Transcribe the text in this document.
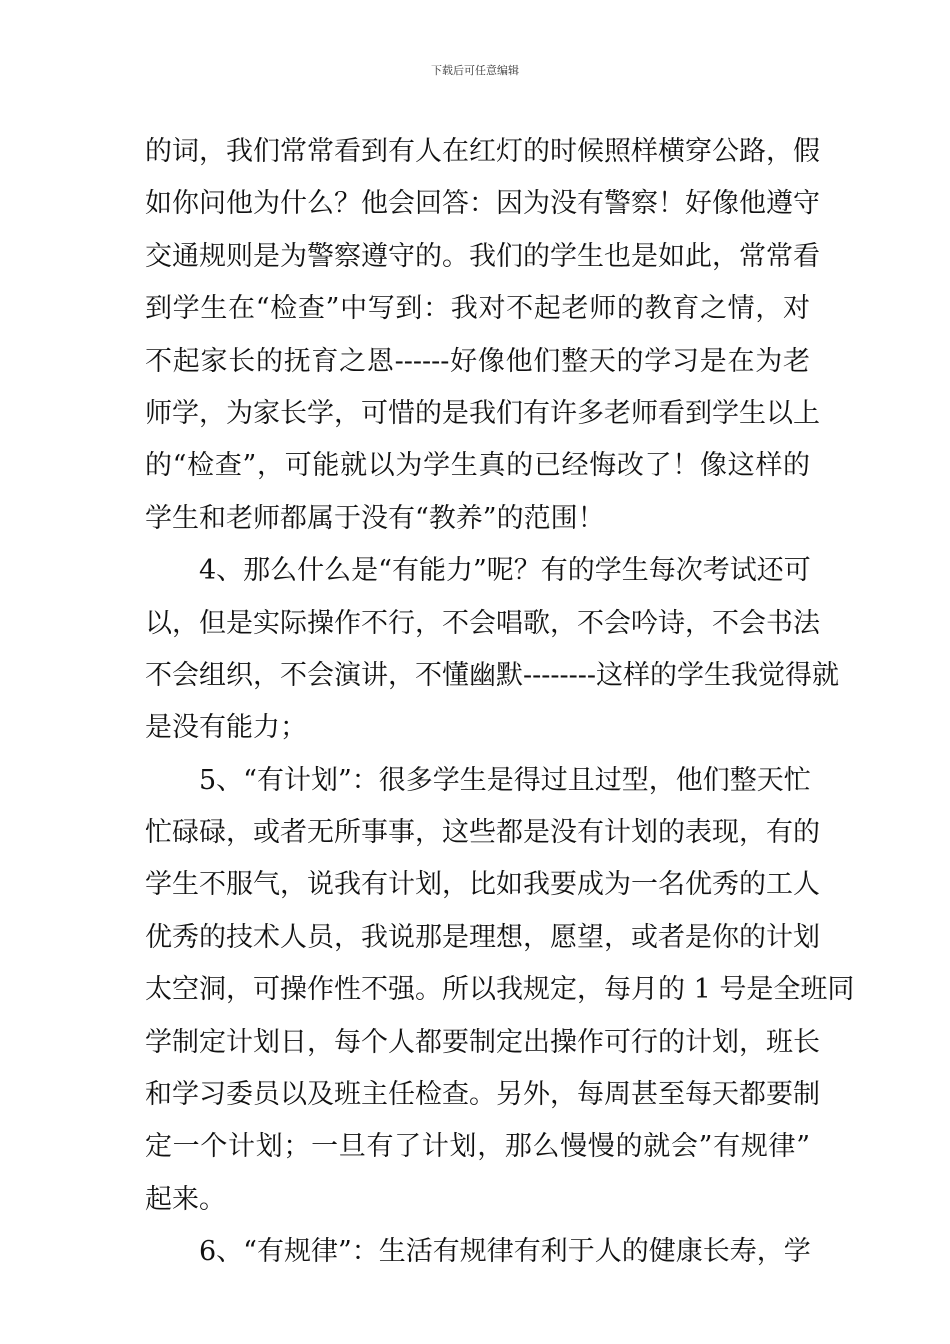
下载后可任意编辑
的词，我们常常看到有人在红灯的时候照样横穿公路，假
如你问他为什么？他会回答：因为没有警察！好像他遵守
交通规则是为警察遵守的。我们的学生也是如此，常常看
到学生在“检查”中写到：我对不起老师的教育之情，对
不起家长的抚育之恩------好像他们整天的学习是在为老
师学，为家长学，可惜的是我们有许多老师看到学生以上
的“检查”，可能就以为学生真的已经悔改了！像这样的
学生和老师都属于没有“教养”的范围！
4、那么什么是“有能力”呢？有的学生每次考试还可
以，但是实际操作不行，不会唱歌，不会吟诗，不会书法
不会组织，不会演讲，不懂幽默--------这样的学生我觉得就
是没有能力；
5、“有计划”：很多学生是得过且过型，他们整天忙
忙碌碌，或者无所事事，这些都是没有计划的表现，有的
学生不服气，说我有计划，比如我要成为一名优秀的工人
优秀的技术人员，我说那是理想，愿望，或者是你的计划
太空洞，可操作性不强。所以我规定，每月的 1 号是全班同
学制定计划日，每个人都要制定出操作可行的计划，班长
和学习委员以及班主任检查。另外，每周甚至每天都要制
定一个计划；一旦有了计划，那么慢慢的就会”有规律”
起来。
6、“有规律”：生活有规律有利于人的健康长寿，学
